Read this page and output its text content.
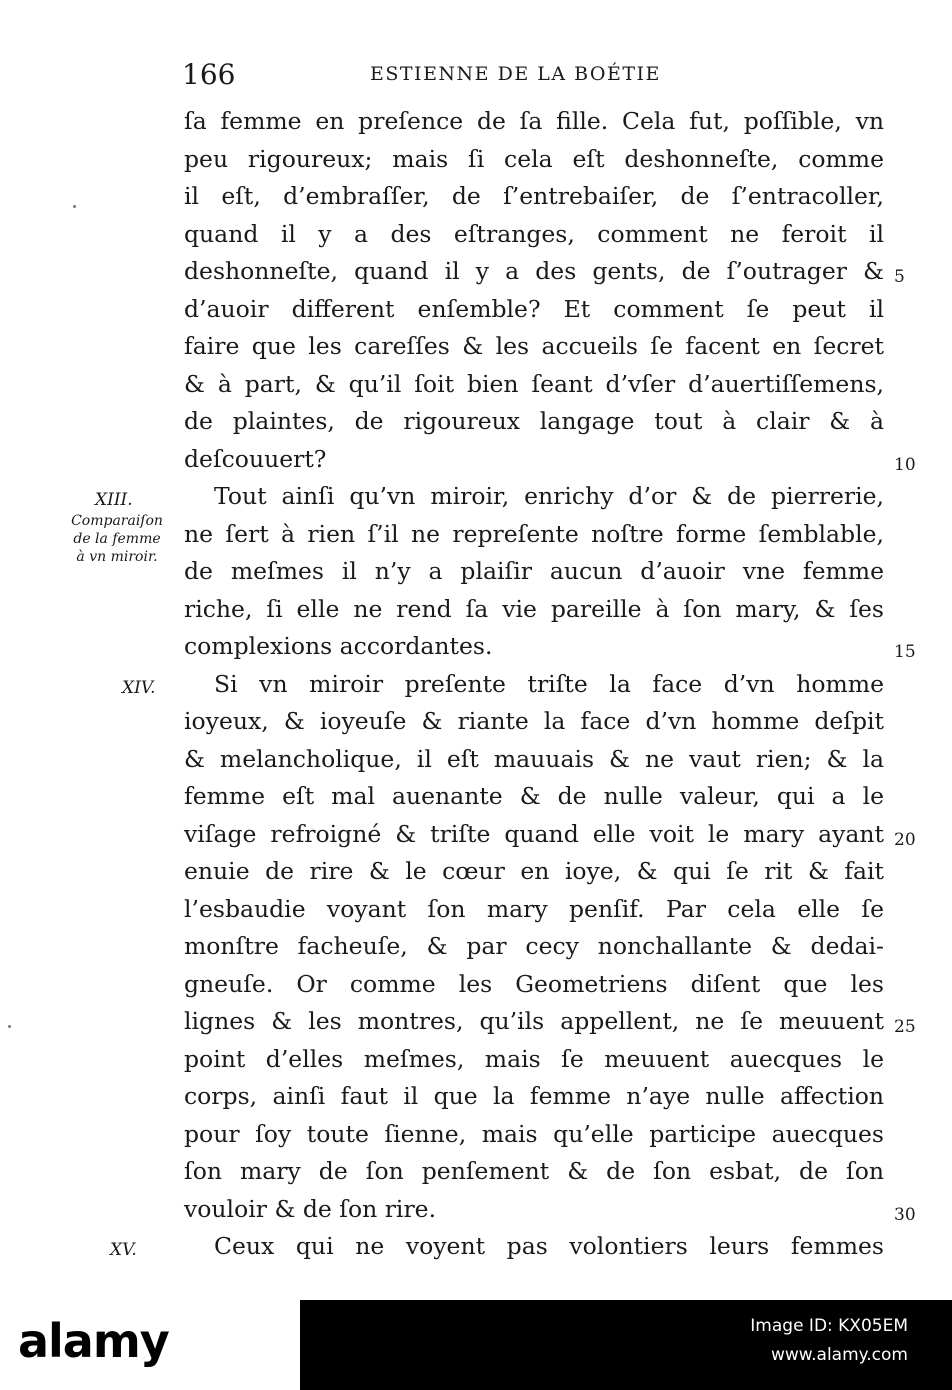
166	ESTIENNE DE LA BOÉTIE
ſa femme en preſence de ſa fille. Cela fut, poſſible, vn
peu rigoureux; mais ſi cela eſt deshonneſte, comme
il eſt, d’embraſſer, de ſ’entrebaiſer, de ſ’entracoller,
quand il y a des eſtranges, comment ne feroit il
deshonneſte, quand il y a des gents, de ſ’outrager &
d’auoir different enſemble? Et comment ſe peut il
faire que les careſſes & les accueils ſe facent en ſecret
& à part, & qu’il ſoit bien ſeant d’vſer d’auertiſſemens,
de plaintes, de rigoureux langage tout à clair & à
deſcouuert?
Tout ainſi qu’vn miroir, enrichy d’or & de pierrerie,
ne ſert à rien ſ’il ne repreſente noſtre forme ſemblable,
de meſmes il n’y a plaiſir aucun d’auoir vne femme
riche, ſi elle ne rend ſa vie pareille à ſon mary, & ſes
complexions accordantes.
Si vn miroir preſente triſte la face d’vn homme
ioyeux, & ioyeuſe & riante la face d’vn homme deſpit
& melancholique, il eſt mauuais & ne vaut rien; & la
femme eſt mal auenante & de nulle valeur, qui a le
viſage refroigné & triſte quand elle voit le mary ayant
enuie de rire & le cœur en ioye, & qui ſe rit & fait
l’esbaudie voyant ſon mary penſif. Par cela elle ſe
monſtre facheuſe, & par cecy nonchallante & dedai-
gneuſe. Or comme les Geometriens diſent que les
lignes & les montres, qu’ils appellent, ne ſe meuuent
point d’elles meſmes, mais ſe meuuent auecques le
corps, ainſi faut il que la femme n’aye nulle affection
pour ſoy toute ſienne, mais qu’elle participe auecques
ſon mary de ſon penſement & de ſon esbat, de ſon
vouloir & de ſon rire.
Ceux qui ne voyent pas volontiers leurs femmes
5
10
15
20
25
30
XIII.
Comparaiſon
de la femme
à vn miroir.
XIV.
XV.
alamy	Image ID: KX05EM
www.alamy.com
